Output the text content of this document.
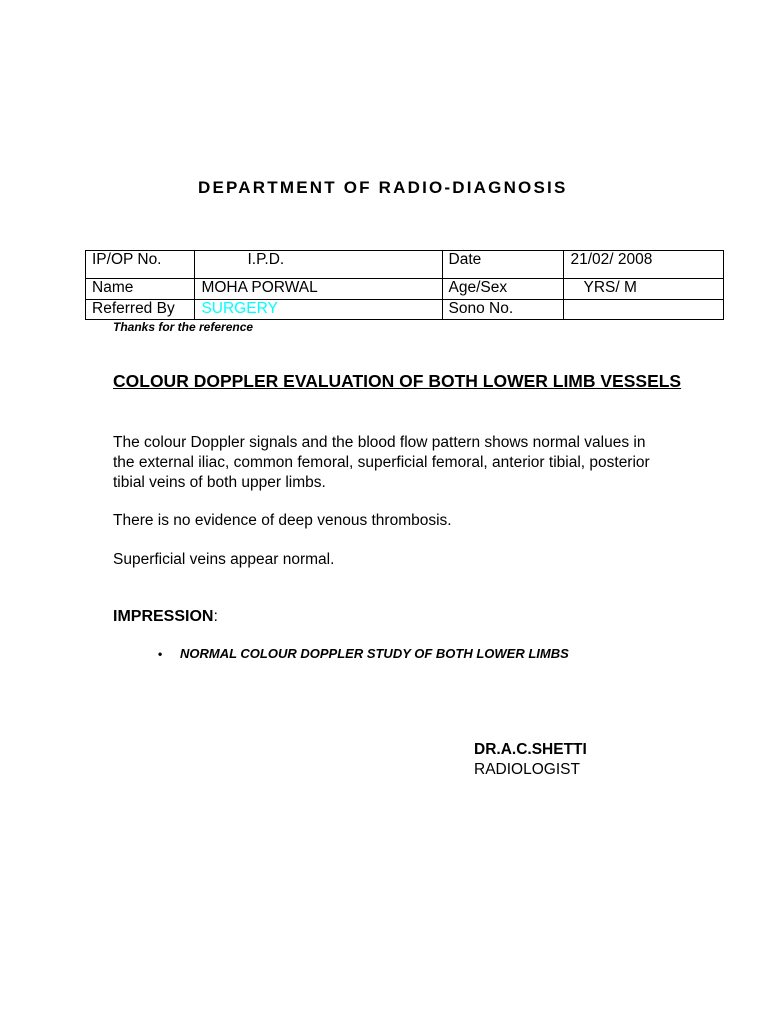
DEPARTMENT OF RADIO-DIAGNOSIS
IP/OP No.	I.P.D.	Date	21/02/ 2008
Name	MOHA PORWAL	Age/Sex	YRS/ M
Referred By	SURGERY	Sono No.	
Thanks for the reference
COLOUR DOPPLER EVALUATION OF BOTH LOWER LIMB VESSELS

The colour Doppler signals and the blood flow pattern shows normal values in the external iliac, common femoral, superficial femoral, anterior tibial, posterior tibial veins of both upper limbs.

There is no evidence of deep venous thrombosis.

Superficial veins appear normal.

IMPRESSION:
• NORMAL COLOUR DOPPLER STUDY OF BOTH LOWER LIMBS
DR.A.C.SHETTI
RADIOLOGIST
